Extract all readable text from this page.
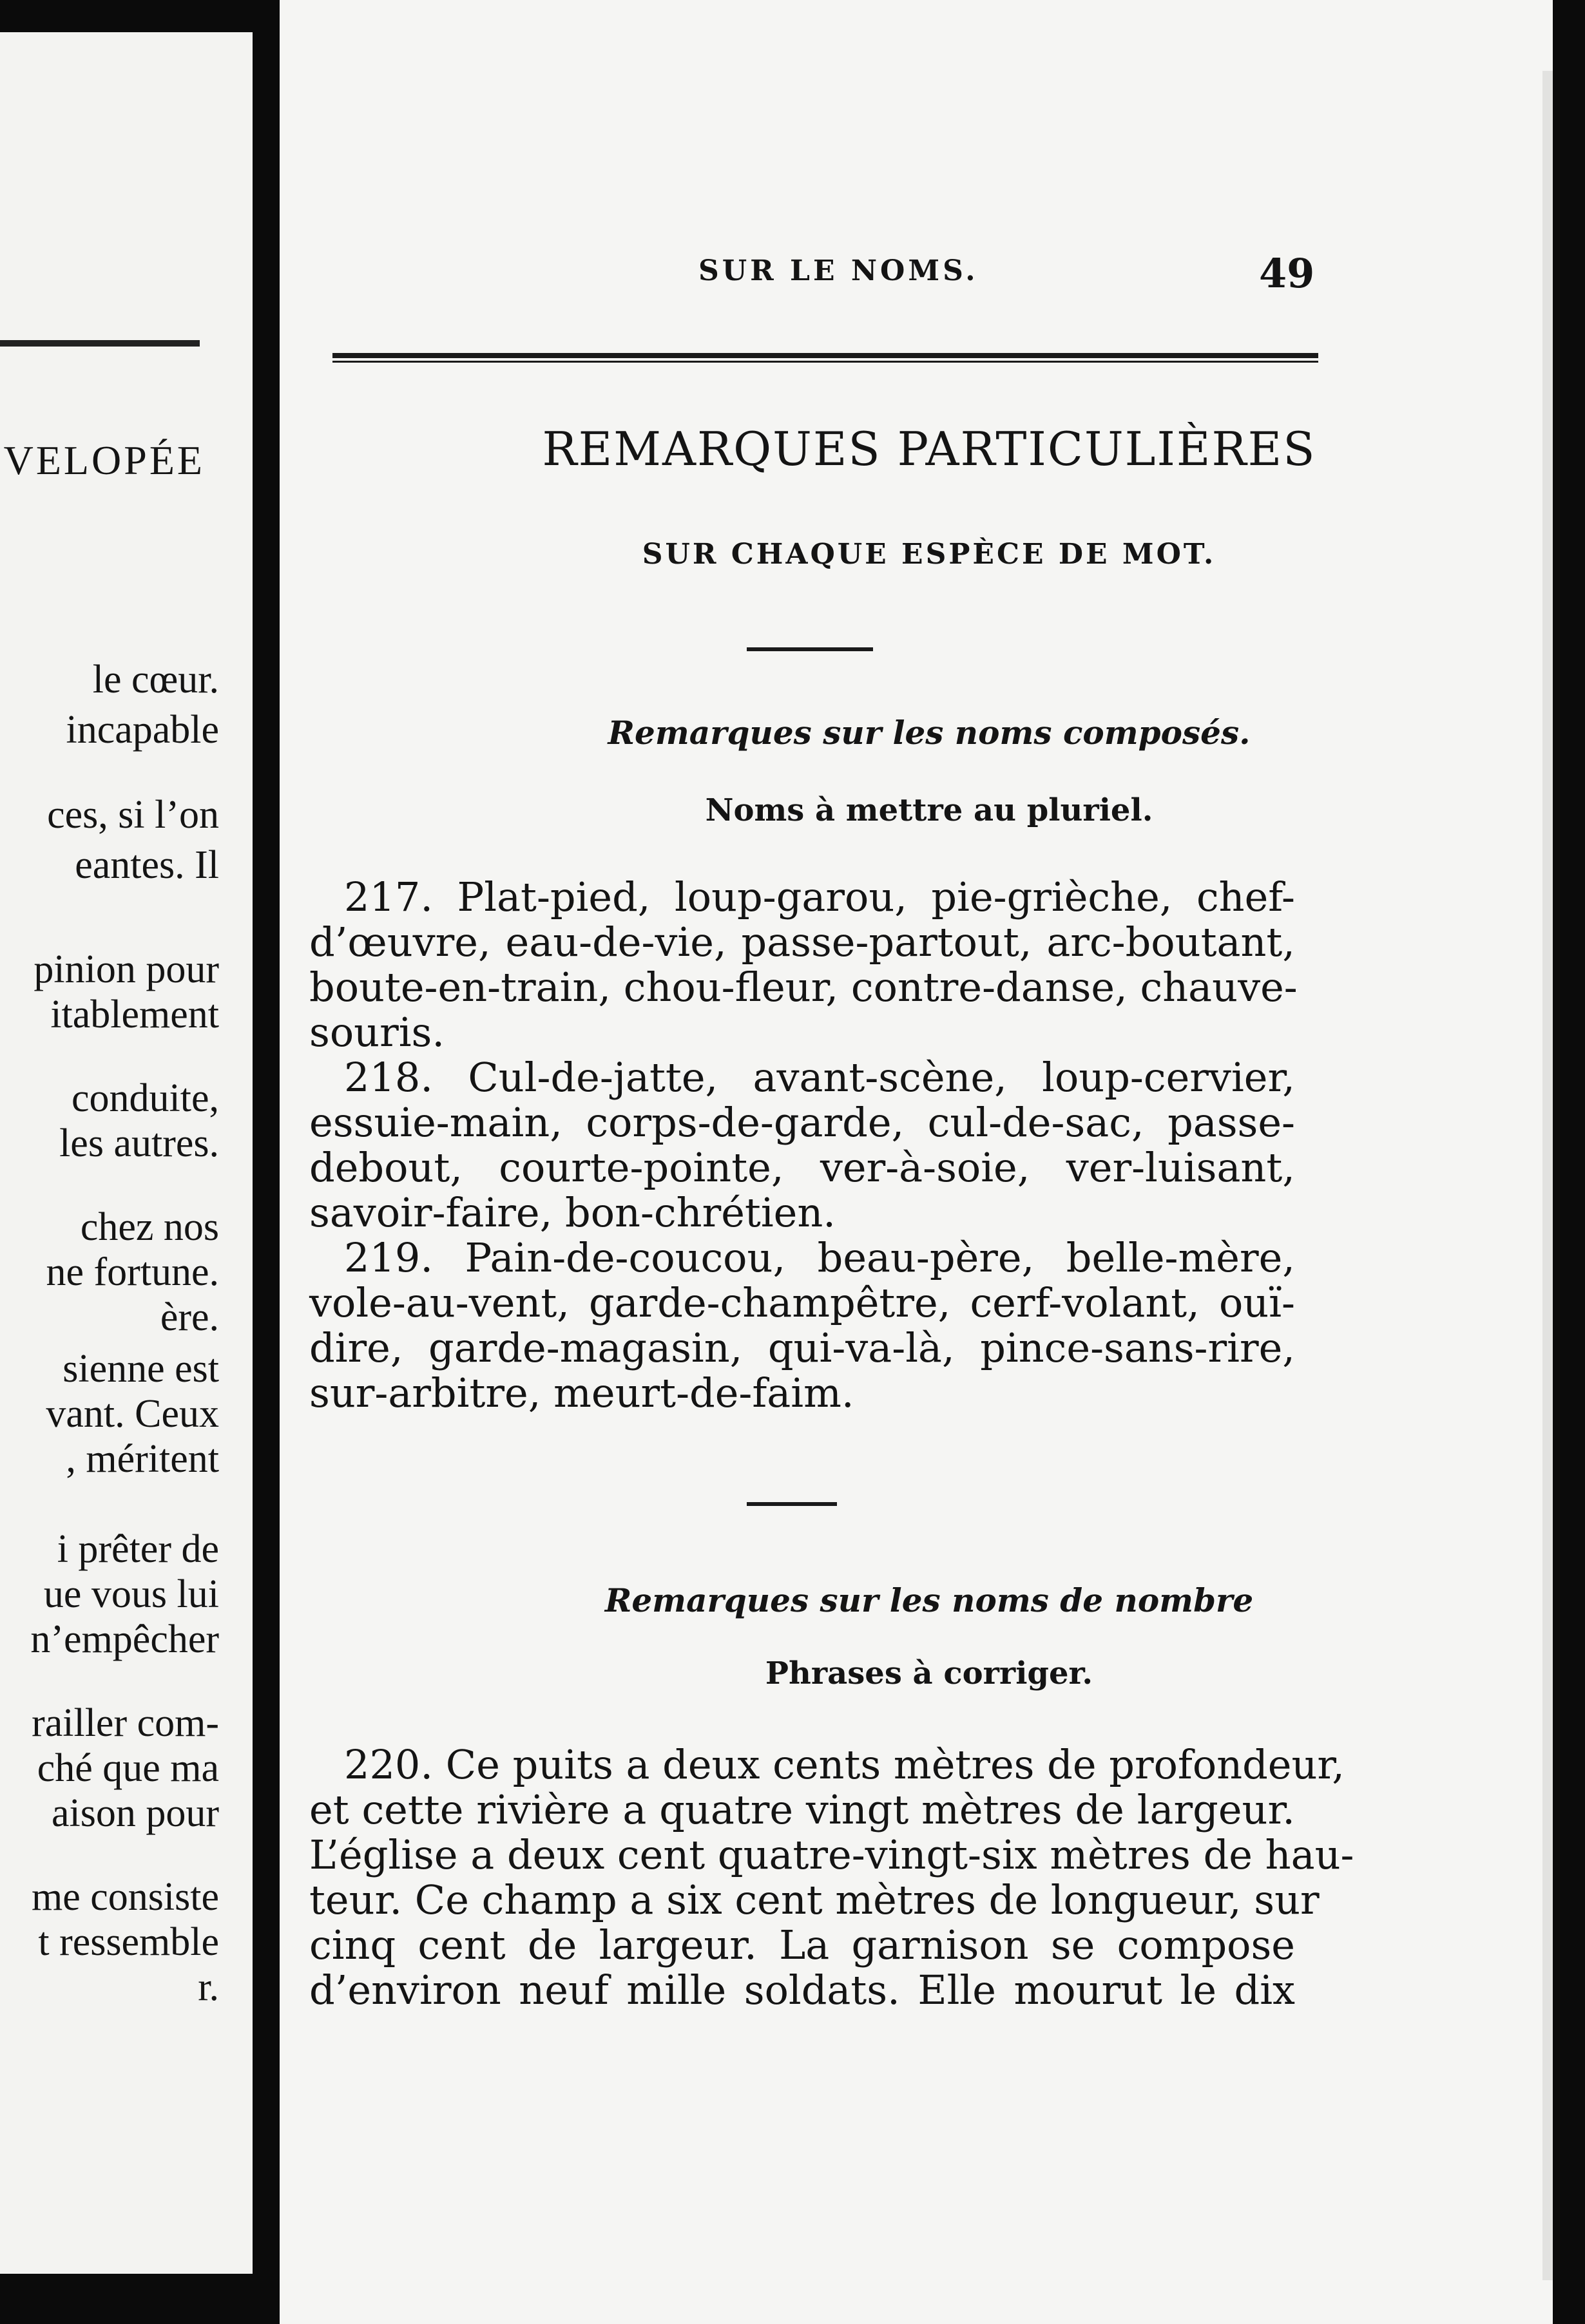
VELOPÉE
le cœur.
incapable
ces, si l’on
eantes. Il
pinion pour
itablement
conduite,
les autres.
chez nos
ne fortune.
ère.
sienne est
vant. Ceux
, méritent
i prêter de
ue vous lui
n’empêcher
railler com-
ché que ma
aison pour
me consiste
t ressemble
r.
SUR LE NOMS.	49
REMARQUES PARTICULIÈRES
SUR CHAQUE ESPÈCE DE MOT.
Remarques sur les noms composés.
Noms à mettre au pluriel.
217. Plat-pied, loup-garou, pie-grièche, chef-
d’œuvre, eau-de-vie, passe-partout, arc-boutant,
boute-en-train, chou-fleur, contre-danse, chauve-
souris.
218. Cul-de-jatte, avant-scène, loup-cervier,
essuie-main, corps-de-garde, cul-de-sac, passe-
debout, courte-pointe, ver-à-soie, ver-luisant,
savoir-faire, bon-chrétien.
219. Pain-de-coucou, beau-père, belle-mère,
vole-au-vent, garde-champêtre, cerf-volant, ouï-
dire, garde-magasin, qui-va-là, pince-sans-rire,
sur-arbitre, meurt-de-faim.
Remarques sur les noms de nombre
Phrases à corriger.
220. Ce puits a deux cents mètres de profondeur,
et cette rivière a quatre vingt mètres de largeur.
L’église a deux cent quatre-vingt-six mètres de hau-
teur. Ce champ a six cent mètres de longueur, sur
cinq cent de largeur. La garnison se compose
d’environ neuf mille soldats. Elle mourut le dix
